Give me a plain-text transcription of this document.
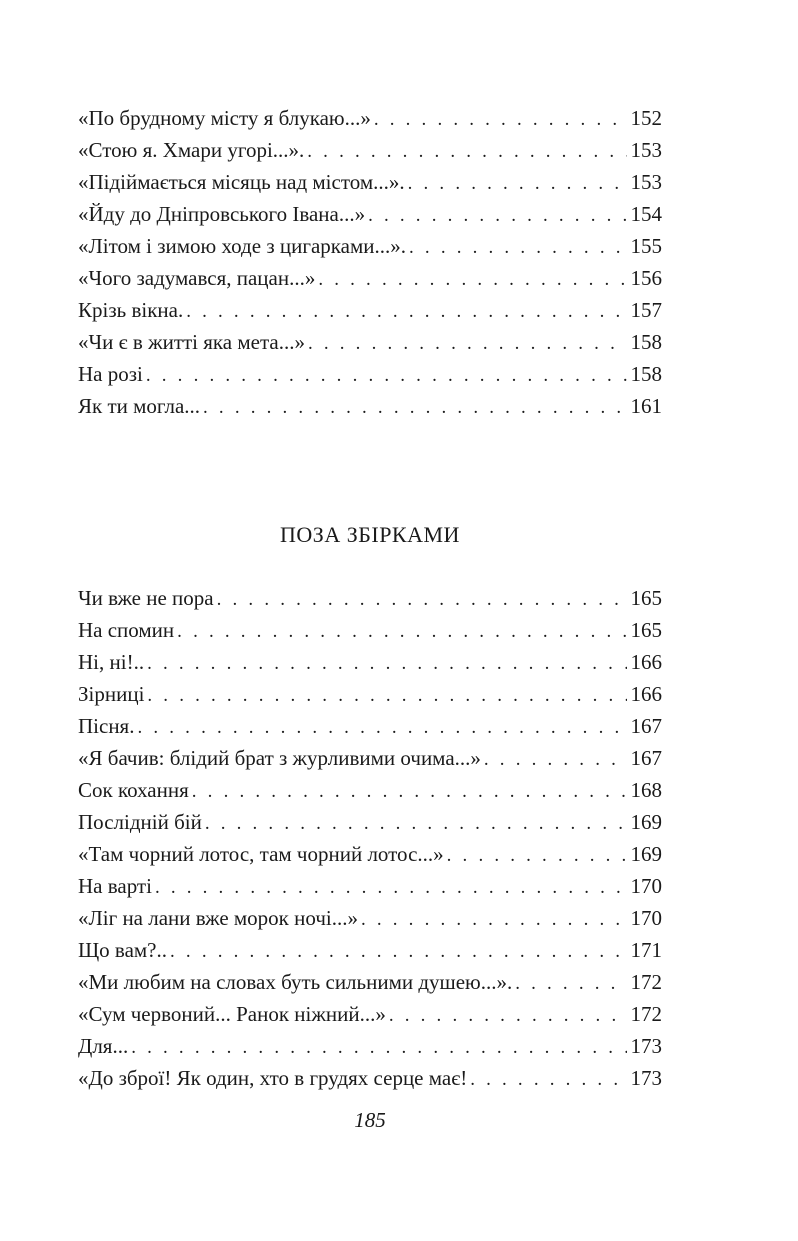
«По брудному місту я блукаю...» . . .	152
«Стою я. Хмари угорі...». . . .	153
«Підіймається місяць над містом...». . . .	153
«Йду до Дніпровського Івана...» . . .	154
«Літом і зимою ходе з цигарками...». . . .	155
«Чого задумався, пацан...» . . .	156
Крізь вікна. . . .	157
«Чи є в житті яка мета...» . . .	158
На розі . . .	158
Як ти могла... . . .	161
ПОЗА ЗБІРКАМИ
Чи вже не пора . . .	165
На спомин . . .	165
Ні, ні!.. . . .	166
Зірниці . . .	166
Пісня. . . .	167
«Я бачив: блідий брат з журливими очима...» . . .	167
Сок кохання . . .	168
Послідній бій . . .	169
«Там чорний лотос, там чорний лотос...» . . .	169
На варті . . .	170
«Ліг на лани вже морок ночі...» . . .	170
Що вам?.. . . .	171
«Ми любим на словах буть сильними душею...». . . .	172
«Сум червоний... Ранок ніжний...» . . .	172
Для... . . .	173
«До зброї! Як один, хто в грудях серце має! . . .	173
185
